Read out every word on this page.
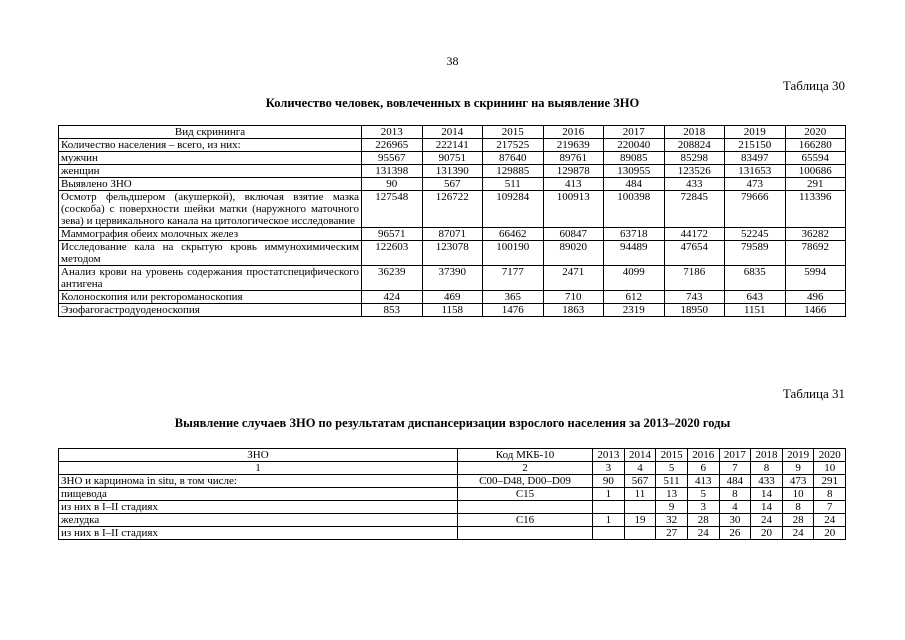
38
Таблица 30
Количество человек, вовлеченных в скрининг на выявление ЗНО
Вид скрининга	2013	2014	2015	2016	2017	2018	2019	2020
Количество населения – всего, из них:	226965	222141	217525	219639	220040	208824	215150	166280
мужчин	95567	90751	87640	89761	89085	85298	83497	65594
женщин	131398	131390	129885	129878	130955	123526	131653	100686
Выявлено ЗНО	90	567	511	413	484	433	473	291
Осмотр фельдшером (акушеркой), включая взятие мазка (соскоба) с поверхности шейки матки (наружного маточного зева) и цервикального канала на цитологическое исследование	127548	126722	109284	100913	100398	72845	79666	113396
Маммография обеих молочных желез	96571	87071	66462	60847	63718	44172	52245	36282
Исследование кала на скрытую кровь иммунохимическим методом	122603	123078	100190	89020	94489	47654	79589	78692
Анализ крови на уровень содержания простатспецифического антигена	36239	37390	7177	2471	4099	7186	6835	5994
Колоноскопия или ректороманоскопия	424	469	365	710	612	743	643	496
Эзофагогастродуоденоскопия	853	1158	1476	1863	2319	18950	1151	1466
Таблица 31
Выявление случаев ЗНО по результатам диспансеризации взрослого населения за 2013–2020 годы
ЗНО	Код МКБ-10	2013	2014	2015	2016	2017	2018	2019	2020
1	2	3	4	5	6	7	8	9	10
ЗНО и карциномa in situ, в том числе:	С00–D48, D00–D09	90	567	511	413	484	433	473	291
пищевода	С15	1	11	13	5	8	14	10	8
из них в I–II стадиях				9	3	4	14	8	7
желудка	С16	1	19	32	28	30	24	28	24
из них в I–II стадиях				27	24	26	20	24	20
